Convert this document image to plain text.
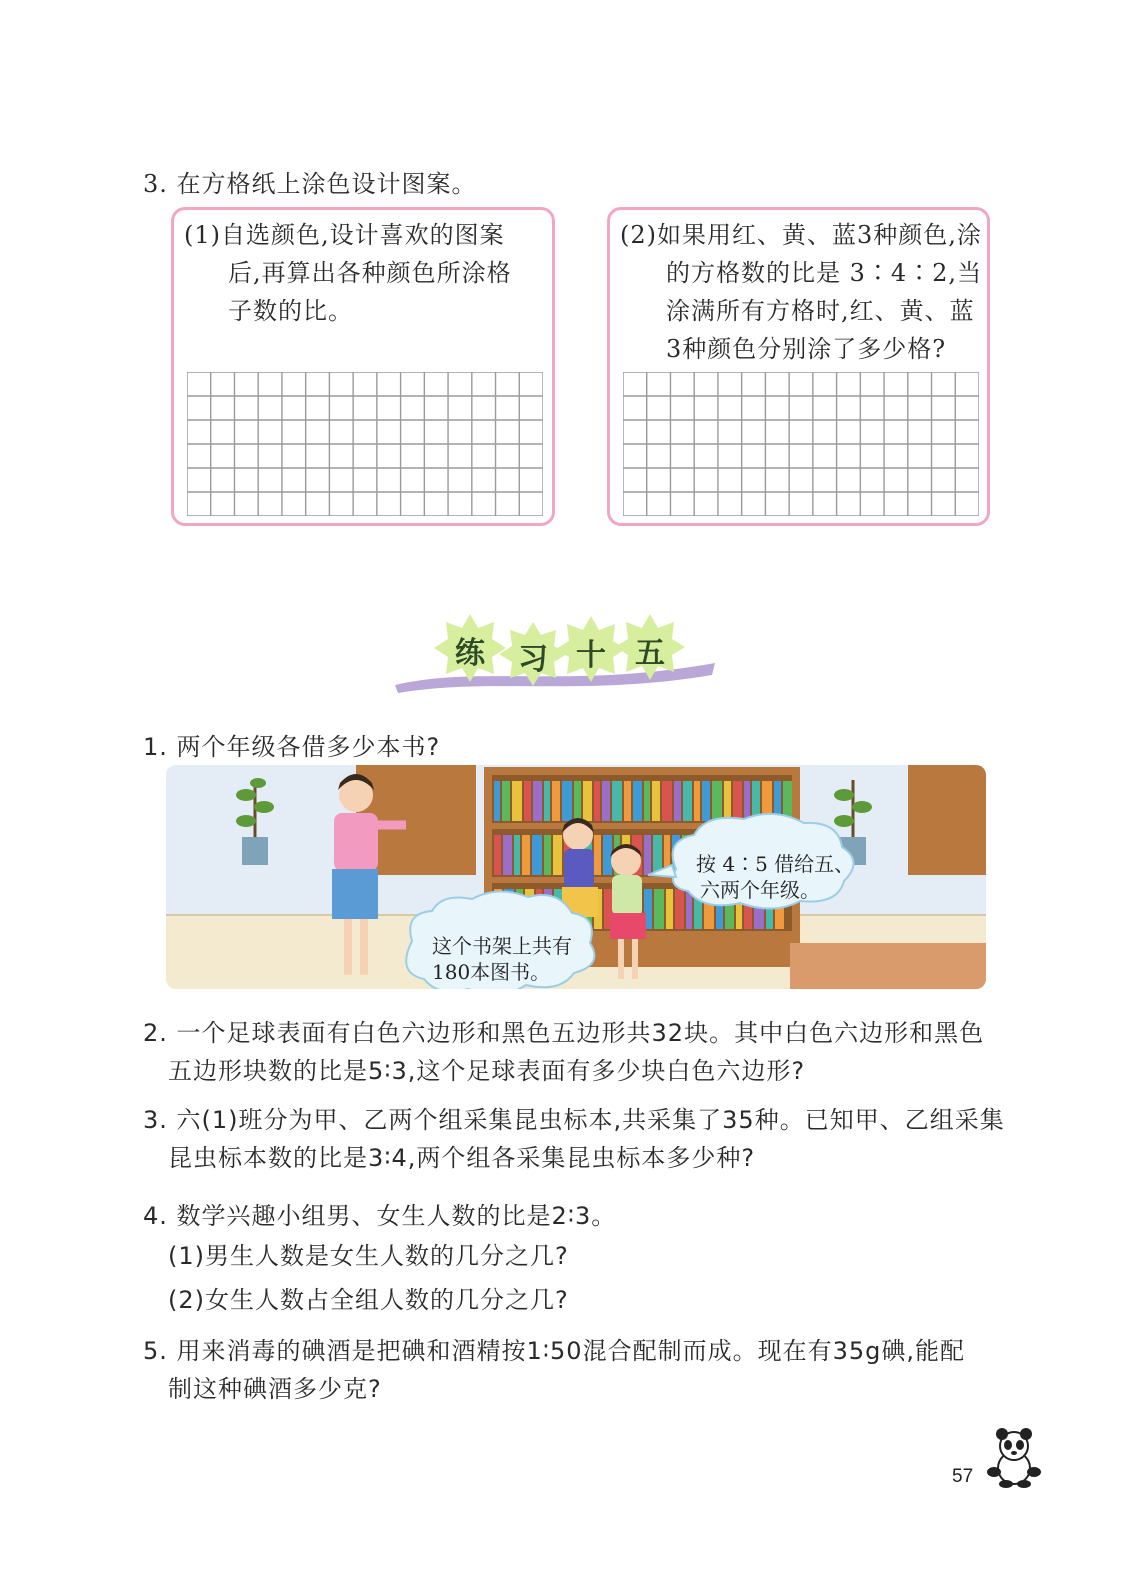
3. 在方格纸上涂色设计图案。
(1)自选颜色,设计喜欢的图案
后,再算出各种颜色所涂格
子数的比。
(2)如果用红、黄、蓝3种颜色,涂
的方格数的比是 3∶4∶2,当
涂满所有方格时,红、黄、蓝
3种颜色分别涂了多少格?
练	习 十 五
1. 两个年级各借多少本书?
这个书架上共有
180本图书。
按 4∶5 借给五、
六两个年级。
2. 一个足球表面有白色六边形和黑色五边形共32块。其中白色六边形和黑色
五边形块数的比是5∶3,这个足球表面有多少块白色六边形?
3. 六(1)班分为甲、乙两个组采集昆虫标本,共采集了35种。已知甲、乙组采集
昆虫标本数的比是3∶4,两个组各采集昆虫标本多少种?
4. 数学兴趣小组男、女生人数的比是2∶3。
(1)男生人数是女生人数的几分之几?
(2)女生人数占全组人数的几分之几?
5. 用来消毒的碘酒是把碘和酒精按1∶50混合配制而成。现在有35g碘,能配
制这种碘酒多少克?
57
